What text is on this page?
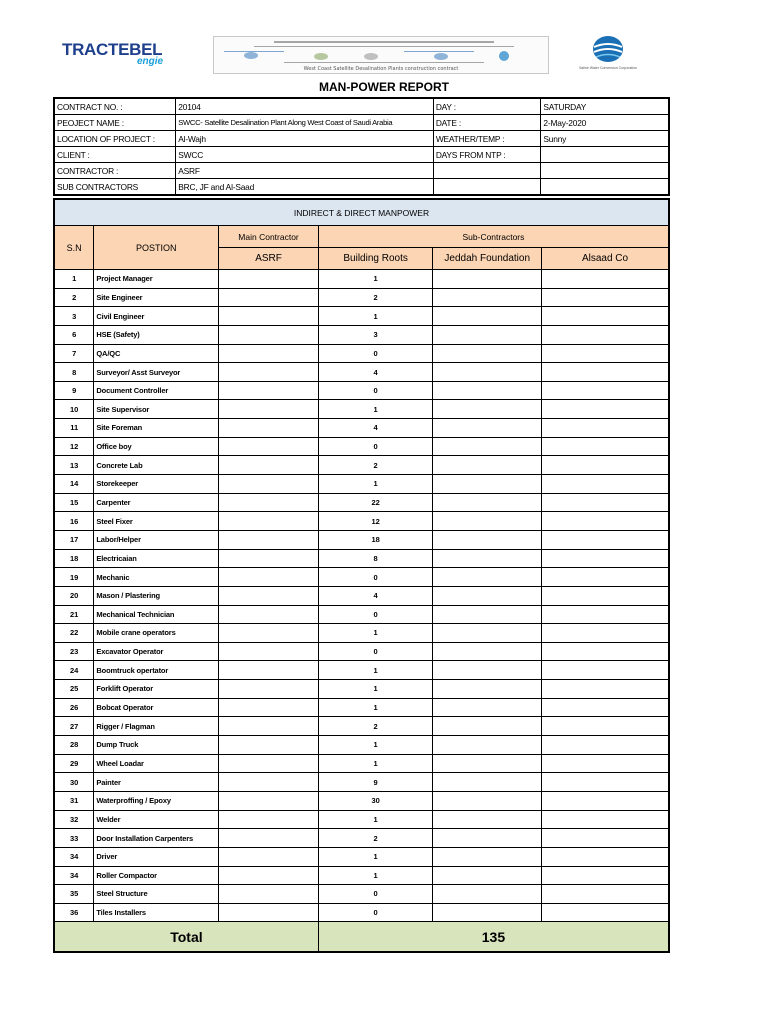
TRACTEBEL
engie
West Coast Satellite Desalination Plants construction contract	Saline Water Conversion Corporation
MAN-POWER REPORT
CONTRACT NO. :	20104	DAY :	SATURDAY
PEOJECT NAME :	SWCC- Satellite Desalination Plant Along West Coast of Saudi Arabia	DATE :	2-May-2020
LOCATION OF PROJECT :	Al-Wajh	WEATHER/TEMP :	Sunny
CLIENT :	SWCC	DAYS FROM NTP :	
CONTRACTOR :	ASRF		
SUB CONTRACTORS	BRC, JF and Al-Saad		
INDIRECT & DIRECT MANPOWER					
S.N	POSTION	Main Contractor	Sub-Contractors		
		ASRF	Building Roots	Jeddah Foundation	Alsaad Co
1	Project Manager		1		
2	Site Engineer		2		
3	Civil Engineer		1		
6	HSE (Safety)		3		
7	QA/QC		0		
8	Surveyor/ Asst Surveyor		4		
9	Document Controller		0		
10	Site Supervisor		1		
11	Site Foreman		4		
12	Office boy		0		
13	Concrete Lab		2		
14	Storekeeper		1		
15	Carpenter		22		
16	Steel Fixer		12		
17	Labor/Helper		18		
18	Electricaian		8		
19	Mechanic		0		
20	Mason / Plastering		4		
21	Mechanical Technician		0		
22	Mobile crane operators		1		
23	Excavator Operator		0		
24	Boomtruck opertator		1		
25	Forklift Operator		1		
26	Bobcat Operator		1		
27	Rigger / Flagman		2		
28	Dump Truck		1		
29	Wheel Loadar		1		
30	Painter		9		
31	Waterproffing / Epoxy		30		
32	Welder		1		
33	Door Installation Carpenters		2		
34	Driver		1		
34	Roller Compactor		1		
35	Steel Structure		0		
36	Tiles Installers		0		
Total			135		
